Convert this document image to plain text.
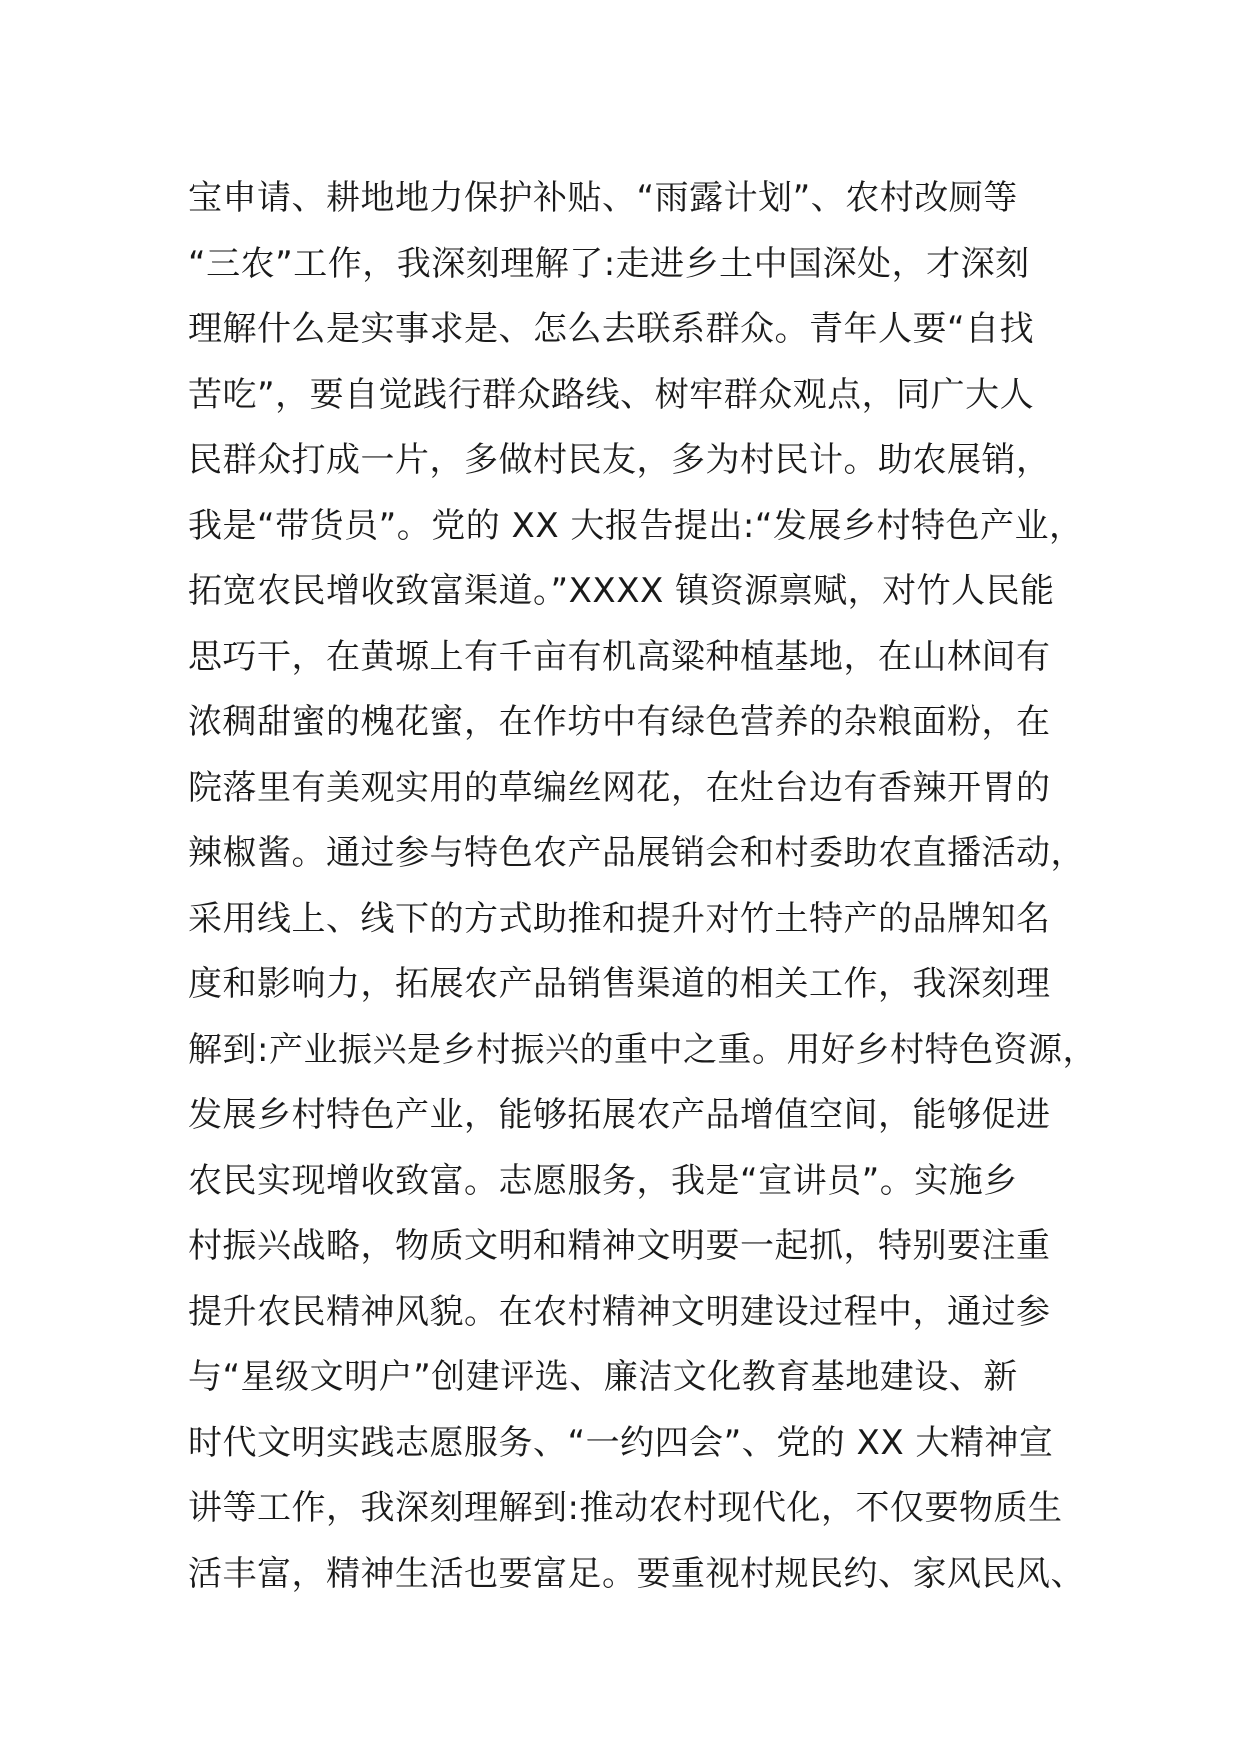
宝申请、耕地地力保护补贴、“雨露计划”、农村改厕等
“三农”工作，我深刻理解了:走进乡土中国深处，才深刻
理解什么是实事求是、怎么去联系群众。青年人要“自找
苦吃”，要自觉践行群众路线、树牢群众观点，同广大人
民群众打成一片，多做村民友，多为村民计。助农展销，
我是“带货员”。党的 XX 大报告提出:“发展乡村特色产业，
拓宽农民增收致富渠道。”XXXX 镇资源禀赋，对竹人民能
思巧干，在黄塬上有千亩有机高粱种植基地，在山林间有
浓稠甜蜜的槐花蜜，在作坊中有绿色营养的杂粮面粉，在
院落里有美观实用的草编丝网花，在灶台边有香辣开胃的
辣椒酱。通过参与特色农产品展销会和村委助农直播活动，
采用线上、线下的方式助推和提升对竹土特产的品牌知名
度和影响力，拓展农产品销售渠道的相关工作，我深刻理
解到:产业振兴是乡村振兴的重中之重。用好乡村特色资源，
发展乡村特色产业，能够拓展农产品增值空间，能够促进
农民实现增收致富。志愿服务，我是“宣讲员”。实施乡
村振兴战略，物质文明和精神文明要一起抓，特别要注重
提升农民精神风貌。在农村精神文明建设过程中，通过参
与“星级文明户”创建评选、廉洁文化教育基地建设、新
时代文明实践志愿服务、“一约四会”、党的 XX 大精神宣
讲等工作，我深刻理解到:推动农村现代化，不仅要物质生
活丰富，精神生活也要富足。要重视村规民约、家风民风、
